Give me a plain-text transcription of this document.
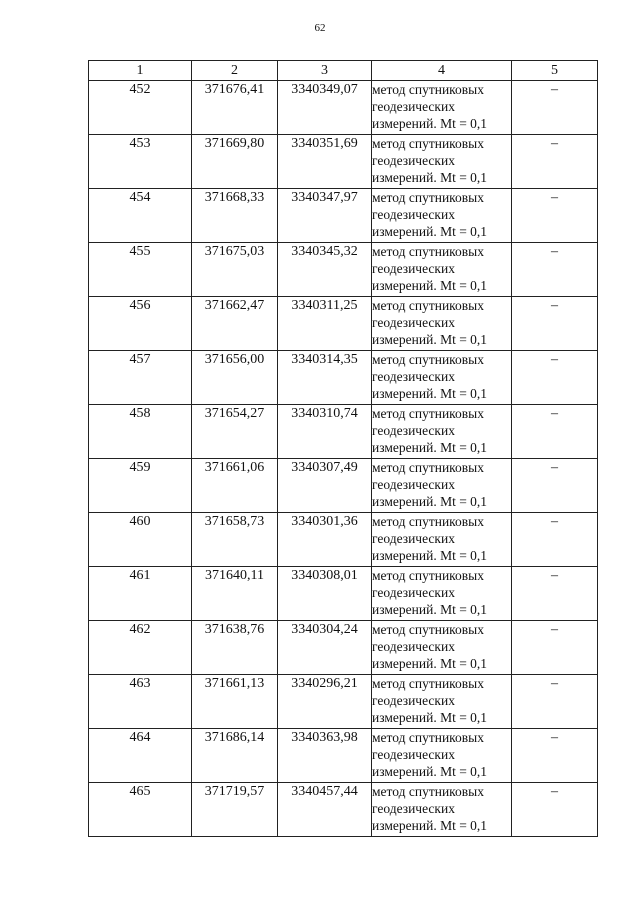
62
1	2	3	4	5
452	371676,41	3340349,07	метод спутниковых
геодезических
измерений. Mt = 0,1	–
453	371669,80	3340351,69	метод спутниковых
геодезических
измерений. Mt = 0,1	–
454	371668,33	3340347,97	метод спутниковых
геодезических
измерений. Mt = 0,1	–
455	371675,03	3340345,32	метод спутниковых
геодезических
измерений. Mt = 0,1	–
456	371662,47	3340311,25	метод спутниковых
геодезических
измерений. Mt = 0,1	–
457	371656,00	3340314,35	метод спутниковых
геодезических
измерений. Mt = 0,1	–
458	371654,27	3340310,74	метод спутниковых
геодезических
измерений. Mt = 0,1	–
459	371661,06	3340307,49	метод спутниковых
геодезических
измерений. Mt = 0,1	–
460	371658,73	3340301,36	метод спутниковых
геодезических
измерений. Mt = 0,1	–
461	371640,11	3340308,01	метод спутниковых
геодезических
измерений. Mt = 0,1	–
462	371638,76	3340304,24	метод спутниковых
геодезических
измерений. Mt = 0,1	–
463	371661,13	3340296,21	метод спутниковых
геодезических
измерений. Mt = 0,1	–
464	371686,14	3340363,98	метод спутниковых
геодезических
измерений. Mt = 0,1	–
465	371719,57	3340457,44	метод спутниковых
геодезических
измерений. Mt = 0,1	–
